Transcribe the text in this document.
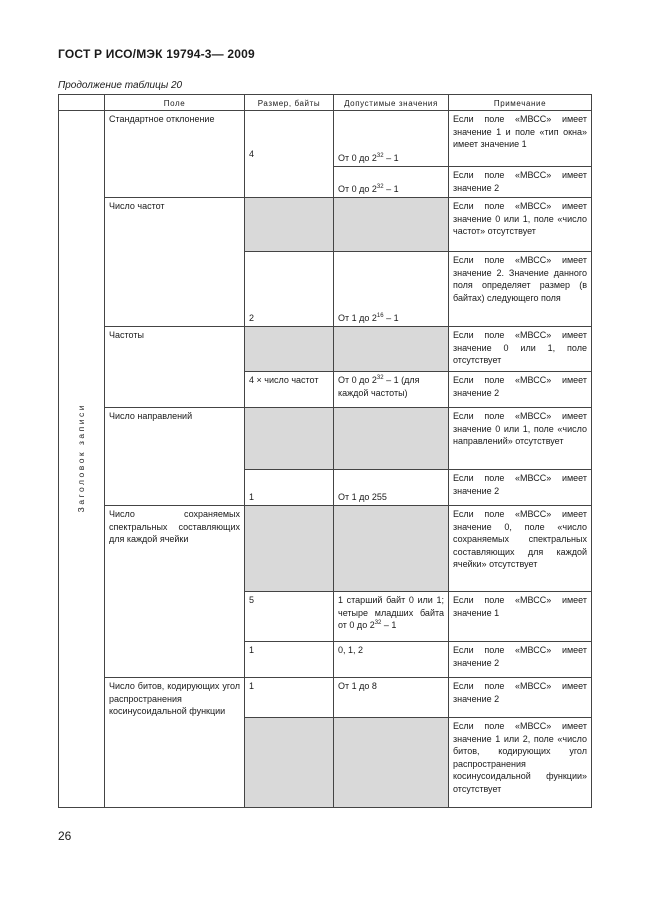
ГОСТ Р ИСО/МЭК 19794-3— 2009
Продолжение таблицы 20
	Поле	Размер, байты	Допустимые значения	Примечание
Заголовок записи	Стандартное отклонение	4	От 0 до $2^{32} - 1$	Если поле «МВСС» имеет значение 1 и поле «тип окна» имеет значение 1
			От 0 до $2^{32} - 1$	Если поле «МВСС» имеет значение 2
	Число частот			Если поле «МВСС» имеет значение 0 или 1, поле «число частот» отсутствует
		2	От 1 до $2^{16} - 1$	Если поле «МВСС» имеет значение 2. Значение данного поля определяет размер (в байтах) следующего поля
	Частоты			Если поле «МВСС» имеет значение 0 или 1, поле отсутствует
		4 × число частот	От 0 до $2^{32} - 1$ (для каждой частоты)	Если поле «МВСС» имеет значение 2
	Число направлений			Если поле «МВСС» имеет значение 0 или 1, поле «число направлений» отсутствует
		1	От 1 до 255	Если поле «МВСС» имеет значение 2
	Число сохраняемых спектральных составляющих для каждой ячейки			Если поле «МВСС» имеет значение 0, поле «число сохраняемых спектральных составляющих для каждой ячейки» отсутствует
		5	1 старший байт 0 или 1; четыре младших байта от 0 до $2^{32} - 1$	Если поле «МВСС» имеет значение 1
		1	0, 1, 2	Если поле «МВСС» имеет значение 2
	Число битов, кодирующих угол распространения косинусоидальной функции	1	От 1 до 8	Если поле «МВСС» имеет значение 2
				Если поле «МВСС» имеет значение 1 или 2, поле «число битов, кодирующих угол распространения косинусоидальной функции» отсутствует
26
